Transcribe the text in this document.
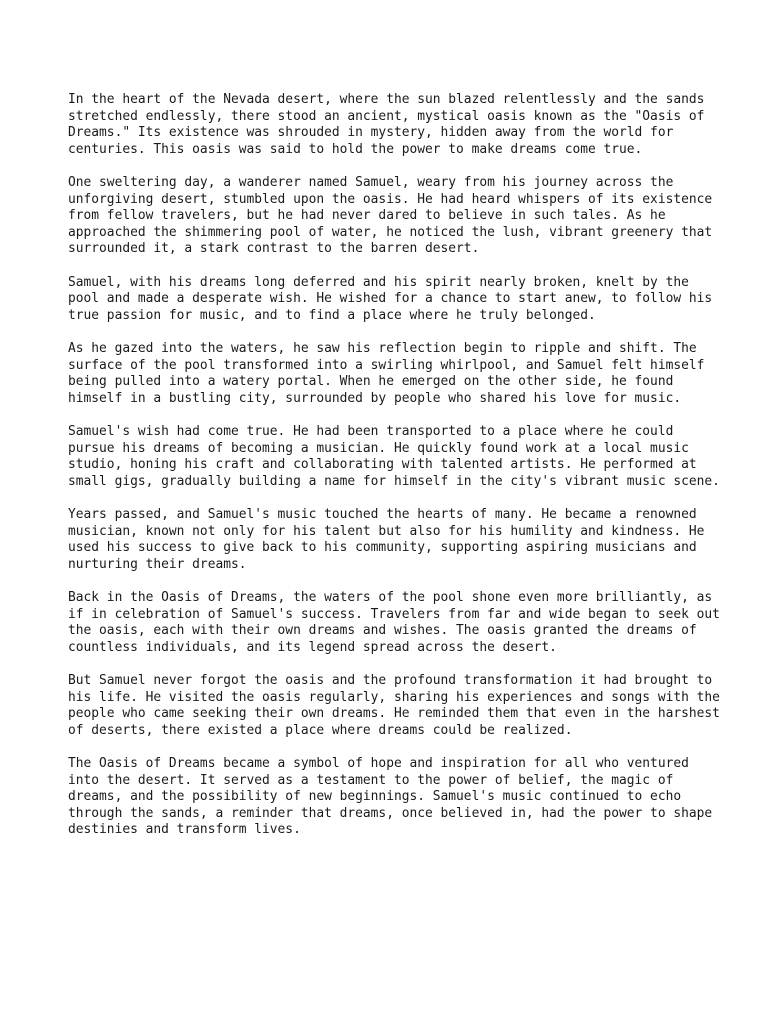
In the heart of the Nevada desert, where the sun blazed relentlessly and the sands
stretched endlessly, there stood an ancient, mystical oasis known as the "Oasis of
Dreams." Its existence was shrouded in mystery, hidden away from the world for
centuries. This oasis was said to hold the power to make dreams come true.

One sweltering day, a wanderer named Samuel, weary from his journey across the
unforgiving desert, stumbled upon the oasis. He had heard whispers of its existence
from fellow travelers, but he had never dared to believe in such tales. As he
approached the shimmering pool of water, he noticed the lush, vibrant greenery that
surrounded it, a stark contrast to the barren desert.

Samuel, with his dreams long deferred and his spirit nearly broken, knelt by the
pool and made a desperate wish. He wished for a chance to start anew, to follow his
true passion for music, and to find a place where he truly belonged.

As he gazed into the waters, he saw his reflection begin to ripple and shift. The
surface of the pool transformed into a swirling whirlpool, and Samuel felt himself
being pulled into a watery portal. When he emerged on the other side, he found
himself in a bustling city, surrounded by people who shared his love for music.

Samuel's wish had come true. He had been transported to a place where he could
pursue his dreams of becoming a musician. He quickly found work at a local music
studio, honing his craft and collaborating with talented artists. He performed at
small gigs, gradually building a name for himself in the city's vibrant music scene.

Years passed, and Samuel's music touched the hearts of many. He became a renowned
musician, known not only for his talent but also for his humility and kindness. He
used his success to give back to his community, supporting aspiring musicians and
nurturing their dreams.

Back in the Oasis of Dreams, the waters of the pool shone even more brilliantly, as
if in celebration of Samuel's success. Travelers from far and wide began to seek out
the oasis, each with their own dreams and wishes. The oasis granted the dreams of
countless individuals, and its legend spread across the desert.

But Samuel never forgot the oasis and the profound transformation it had brought to
his life. He visited the oasis regularly, sharing his experiences and songs with the
people who came seeking their own dreams. He reminded them that even in the harshest
of deserts, there existed a place where dreams could be realized.

The Oasis of Dreams became a symbol of hope and inspiration for all who ventured
into the desert. It served as a testament to the power of belief, the magic of
dreams, and the possibility of new beginnings. Samuel's music continued to echo
through the sands, a reminder that dreams, once believed in, had the power to shape
destinies and transform lives.
